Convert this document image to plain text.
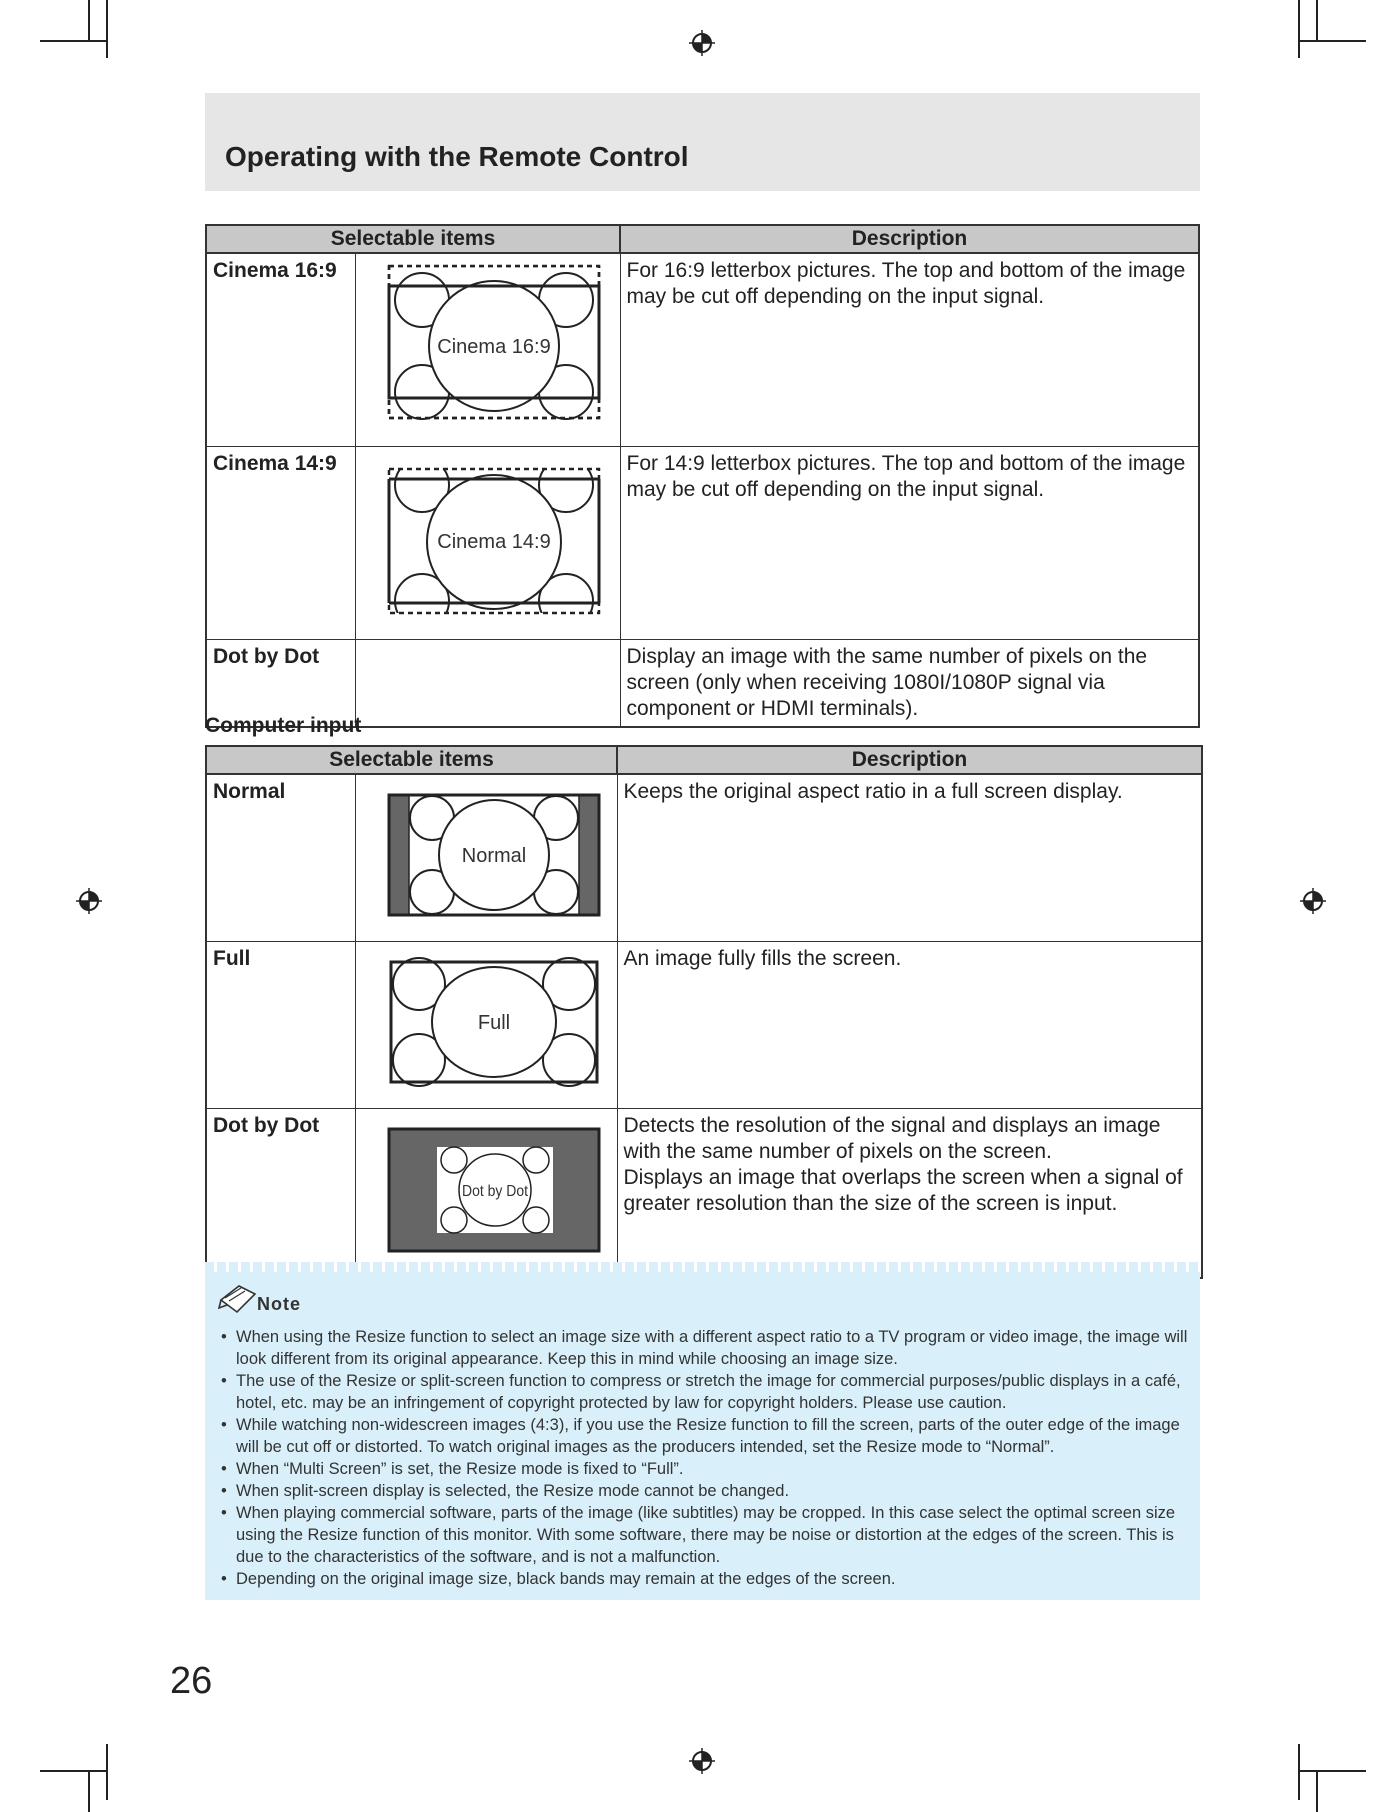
Operating with the Remote Control
Selectable items		Description
Cinema 16:9	Cinema 16:9	For 16:9 letterbox pictures. The top and bottom of the image may be cut off depending on the input signal.
Cinema 14:9	Cinema 14:9	For 14:9 letterbox pictures. The top and bottom of the image may be cut off depending on the input signal.
Dot by Dot		Display an image with the same number of pixels on the screen (only when receiving 1080I/1080P signal via component or HDMI terminals).
Computer input
Selectable items		Description
Normal	Normal	Keeps the original aspect ratio in a full screen display.
Full	Full	An image fully fills the screen.
Dot by Dot	Dot by Dot	Detects the resolution of the signal and displays an image with the same number of pixels on the screen.
Displays an image that overlaps the screen when a signal of greater resolution than the size of the screen is input.
Note
• When using the Resize function to select an image size with a different aspect ratio to a TV program or video image, the image will look different from its original appearance. Keep this in mind while choosing an image size.
• The use of the Resize or split-screen function to compress or stretch the image for commercial purposes/public displays in a café, hotel, etc. may be an infringement of copyright protected by law for copyright holders. Please use caution.
• While watching non-widescreen images (4:3), if you use the Resize function to fill the screen, parts of the outer edge of the image will be cut off or distorted. To watch original images as the producers intended, set the Resize mode to “Normal”.
• When “Multi Screen” is set, the Resize mode is fixed to “Full”.
• When split-screen display is selected, the Resize mode cannot be changed.
• When playing commercial software, parts of the image (like subtitles) may be cropped. In this case select the optimal screen size using the Resize function of this monitor. With some software, there may be noise or distortion at the edges of the screen. This is due to the characteristics of the software, and is not a malfunction.
• Depending on the original image size, black bands may remain at the edges of the screen.
26
